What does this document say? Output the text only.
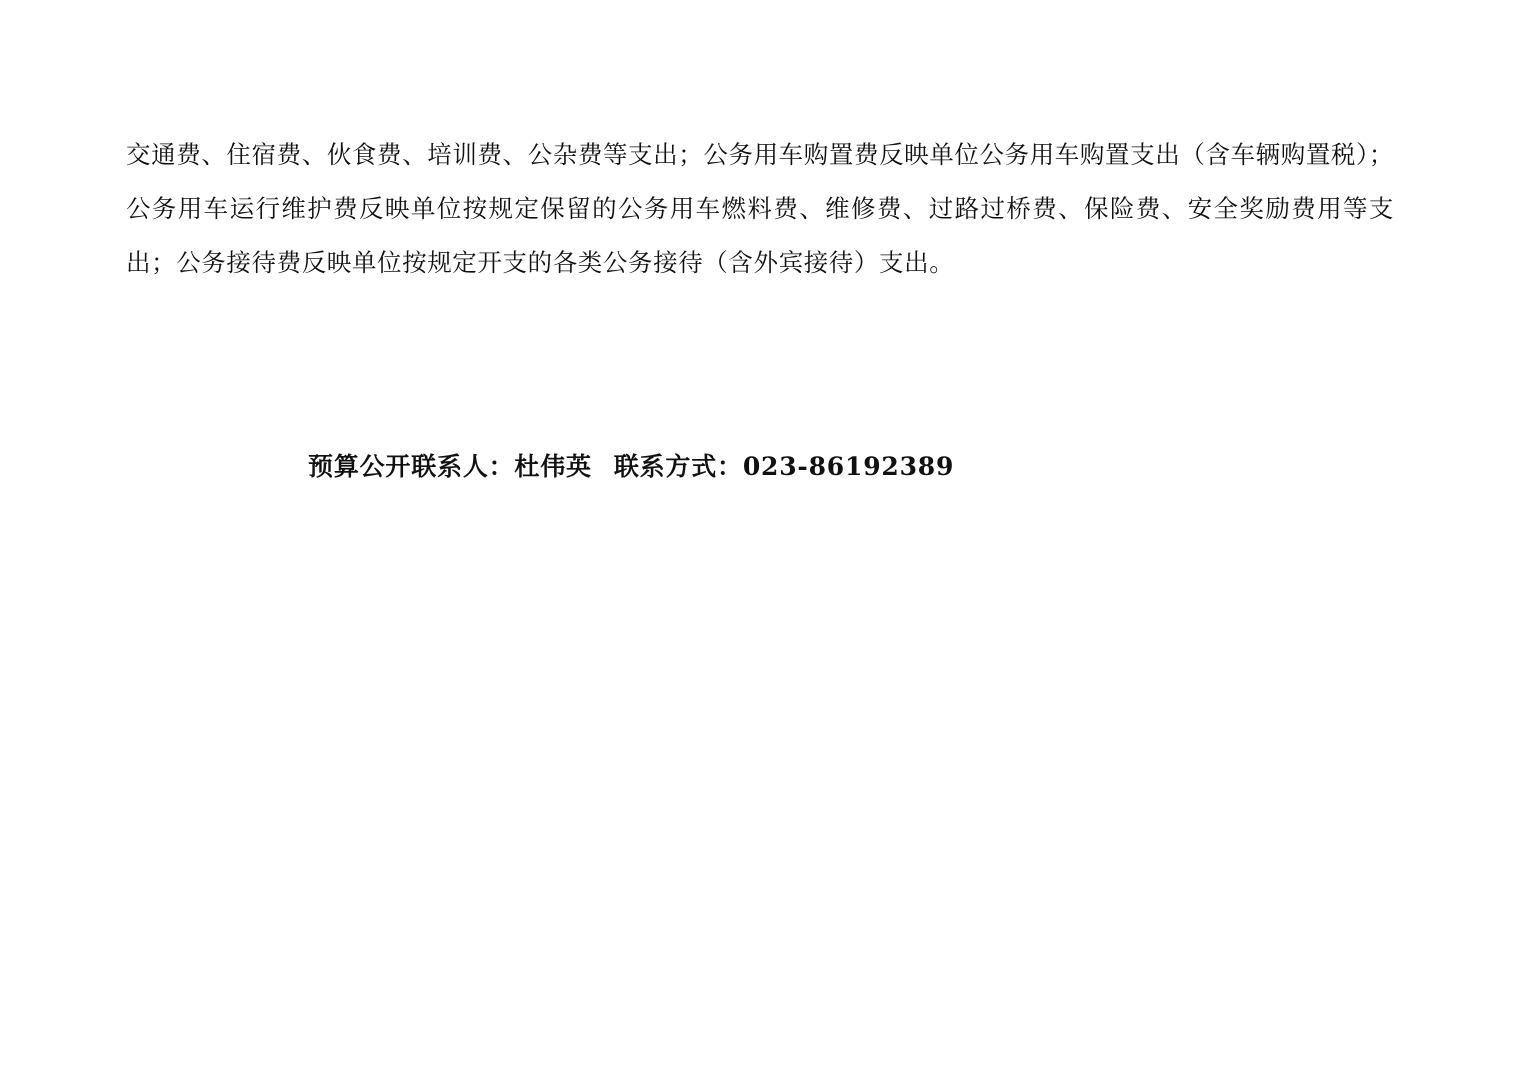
交通费、住宿费、伙食费、培训费、公杂费等支出；公务用车购置费反映单位公务用车购置支出（含车辆购置税）；公务用车运行维护费反映单位按规定保留的公务用车燃料费、维修费、过路过桥费、保险费、安全奖励费用等支出；公务接待费反映单位按规定开支的各类公务接待（含外宾接待）支出。

预算公开联系人：杜伟英 联系方式：023-86192389
